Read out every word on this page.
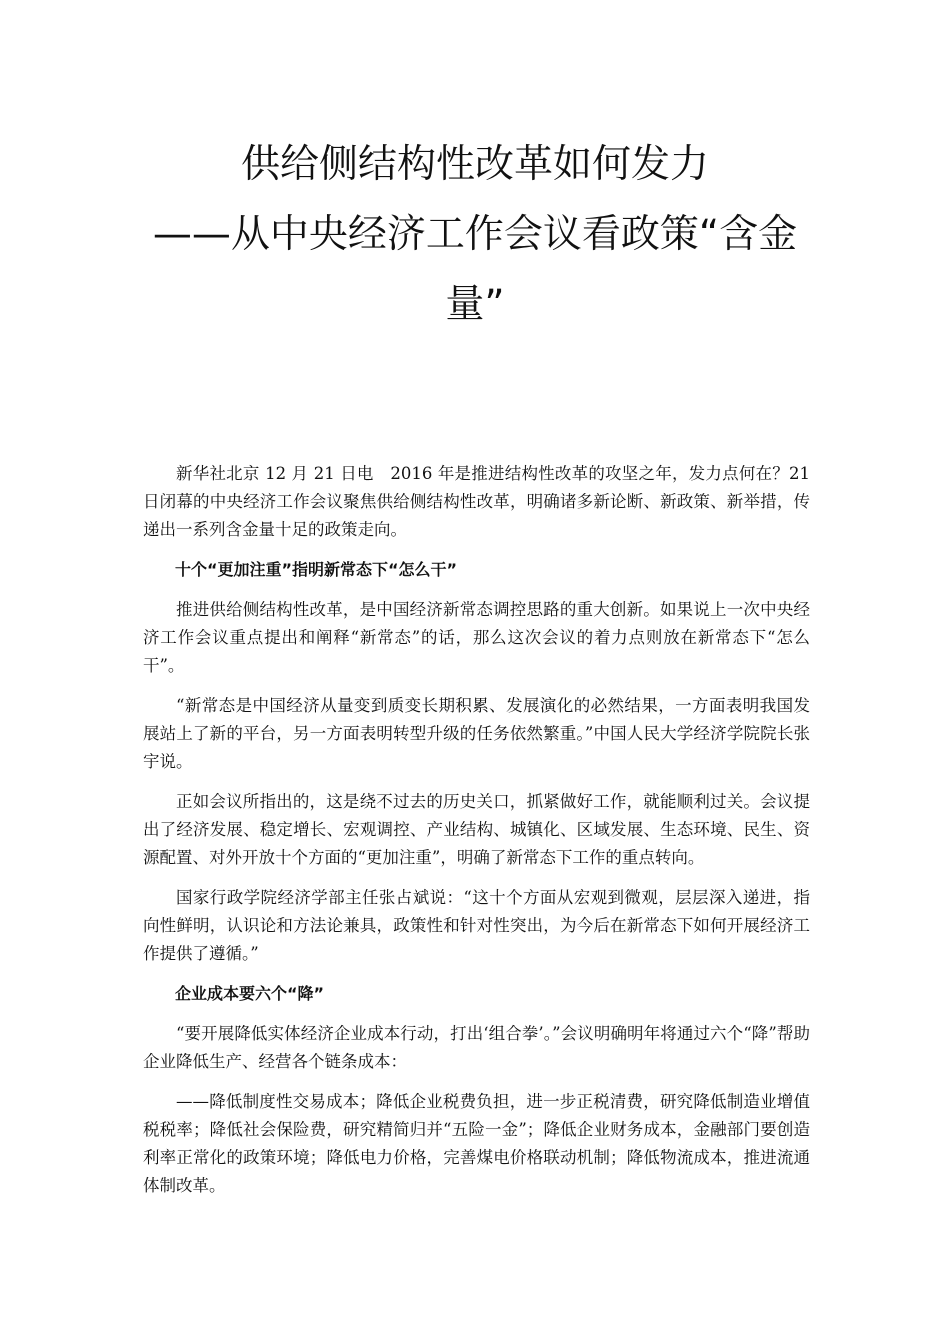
供给侧结构性改革如何发力
——从中央经济工作会议看政策“含金
量”

新华社北京 12 月 21 日电　2016 年是推进结构性改革的攻坚之年，发力点何在？21 日闭幕的中央经济工作会议聚焦供给侧结构性改革，明确诸多新论断、新政策、新举措，传递出一系列含金量十足的政策走向。

十个“更加注重”指明新常态下“怎么干”

推进供给侧结构性改革，是中国经济新常态调控思路的重大创新。如果说上一次中央经济工作会议重点提出和阐释“新常态”的话，那么这次会议的着力点则放在新常态下“怎么干”。

“新常态是中国经济从量变到质变长期积累、发展演化的必然结果，一方面表明我国发展站上了新的平台，另一方面表明转型升级的任务依然繁重。”中国人民大学经济学院院长张宇说。

正如会议所指出的，这是绕不过去的历史关口，抓紧做好工作，就能顺利过关。会议提出了经济发展、稳定增长、宏观调控、产业结构、城镇化、区域发展、生态环境、民生、资源配置、对外开放十个方面的“更加注重”，明确了新常态下工作的重点转向。

国家行政学院经济学部主任张占斌说：“这十个方面从宏观到微观，层层深入递进，指向性鲜明，认识论和方法论兼具，政策性和针对性突出，为今后在新常态下如何开展经济工作提供了遵循。”

企业成本要六个“降”

“要开展降低实体经济企业成本行动，打出‘组合拳’。”会议明确明年将通过六个“降”帮助企业降低生产、经营各个链条成本：

——降低制度性交易成本；降低企业税费负担，进一步正税清费，研究降低制造业增值税税率；降低社会保险费，研究精简归并“五险一金”；降低企业财务成本，金融部门要创造利率正常化的政策环境；降低电力价格，完善煤电价格联动机制；降低物流成本，推进流通体制改革。
